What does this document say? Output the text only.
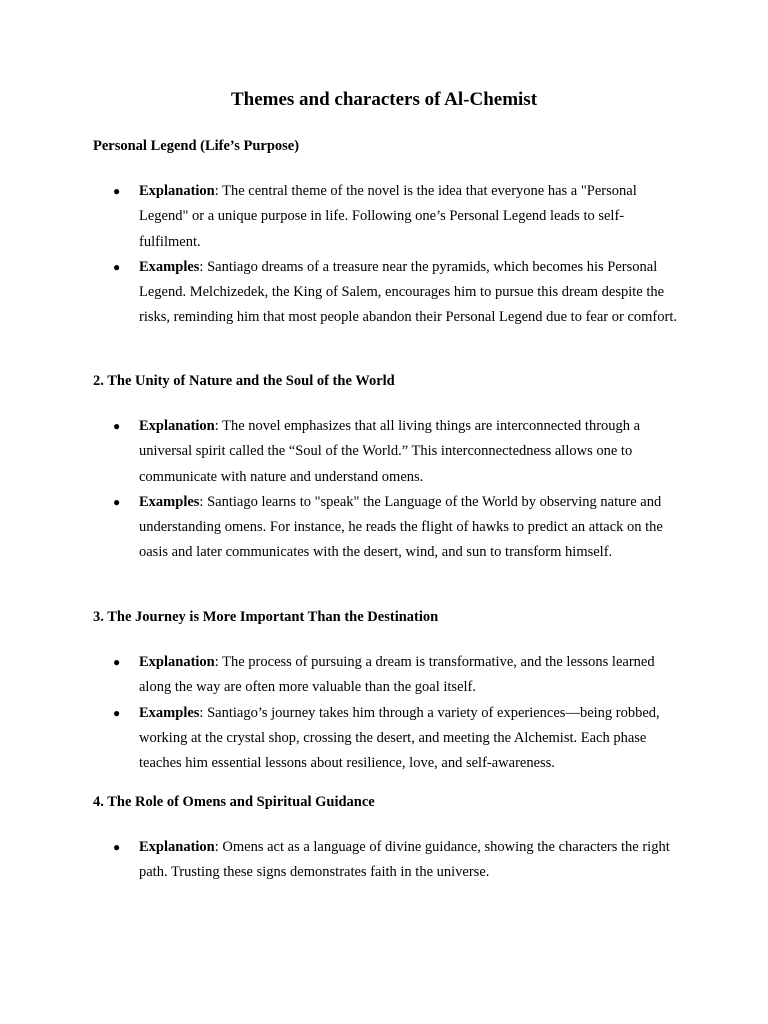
Themes and characters of Al-Chemist

Personal Legend (Life’s Purpose)

● Explanation: The central theme of the novel is the idea that everyone has a "Personal Legend" or a unique purpose in life. Following one’s Personal Legend leads to self-fulfilment.
● Examples: Santiago dreams of a treasure near the pyramids, which becomes his Personal Legend. Melchizedek, the King of Salem, encourages him to pursue this dream despite the risks, reminding him that most people abandon their Personal Legend due to fear or comfort.

2. The Unity of Nature and the Soul of the World

● Explanation: The novel emphasizes that all living things are interconnected through a universal spirit called the “Soul of the World.” This interconnectedness allows one to communicate with nature and understand omens.
● Examples: Santiago learns to "speak" the Language of the World by observing nature and understanding omens. For instance, he reads the flight of hawks to predict an attack on the oasis and later communicates with the desert, wind, and sun to transform himself.

3. The Journey is More Important Than the Destination

● Explanation: The process of pursuing a dream is transformative, and the lessons learned along the way are often more valuable than the goal itself.
● Examples: Santiago’s journey takes him through a variety of experiences—being robbed, working at the crystal shop, crossing the desert, and meeting the Alchemist. Each phase teaches him essential lessons about resilience, love, and self-awareness.

4. The Role of Omens and Spiritual Guidance

● Explanation: Omens act as a language of divine guidance, showing the characters the right path. Trusting these signs demonstrates faith in the universe.
